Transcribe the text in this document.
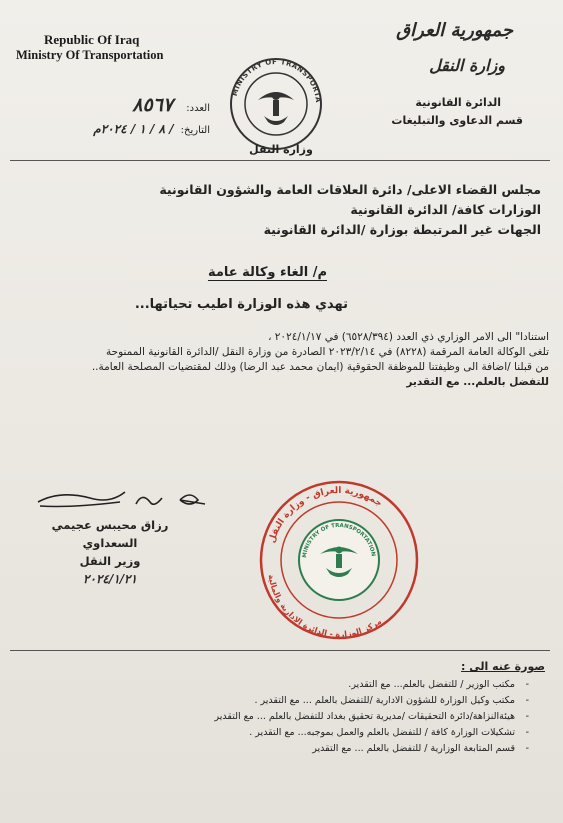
Republic Of Iraq
Ministry Of Transportation
جمهورية العراق
وزارة النقل
الدائرة القانونية
قسم الدعاوى والتبليغات
العدد: ٨٥٦٧
التاريخ: / ٨ / ١ / ٢٠٢٤م
MINISTRY OF TRANSPORTA
وزارة النقل
مجلس القضاء الاعلى/ دائرة العلاقات العامة والشؤون القانونية
الوزارات كافة/ الدائرة القانونية
الجهات غير المرتبطة بوزارة /الدائرة القانونية
م/ الغاء وكالة عامة
تهدي هذه الوزارة اطيب تحياتها...
استنادا" الى الامر الوزاري ذي العدد (٦٥٢٨/٣٩٤) في ٢٠٢٤/١/١٧ ،
تلغى الوكالة العامة المرقمة (٨٢٢٨) في ٢٠٢٣/٢/١٤ الصادرة من وزارة النقل /الدائرة القانونية الممنوحة
من قبلنا /اضافة الى وظيفتنا للموظفة الحقوقية (ايمان محمد عبد الرضا) وذلك لمقتضيات المصلحة العامة..
للتفضل بالعلم... مع التقدير
رزاق محيبس عجيمي السعداوي
وزير النقل
٢٠٢٤/١/٢١
جمهورية العراق - وزارة النقل
مركز الوزارة - الدائرة الادارية والمالية
MINISTRY OF TRANSPORTATION
صورة عنه الى :
- مكتب الوزير / للتفضل بالعلم... مع التقدير.
- مكتب وكيل الوزارة للشؤون الادارية /للتفضل بالعلم ... مع التقدير .
- هيئةالنزاهة/دائرة التحقيقات /مديرية تحقيق بغداد للتفضل بالعلم ... مع التقدير
- تشكيلات الوزارة كافة / للتفضل بالعلم والعمل بموجبه... مع التقدير .
- قسم المتابعة الوزارية / للتفضل بالعلم ... مع التقدير
